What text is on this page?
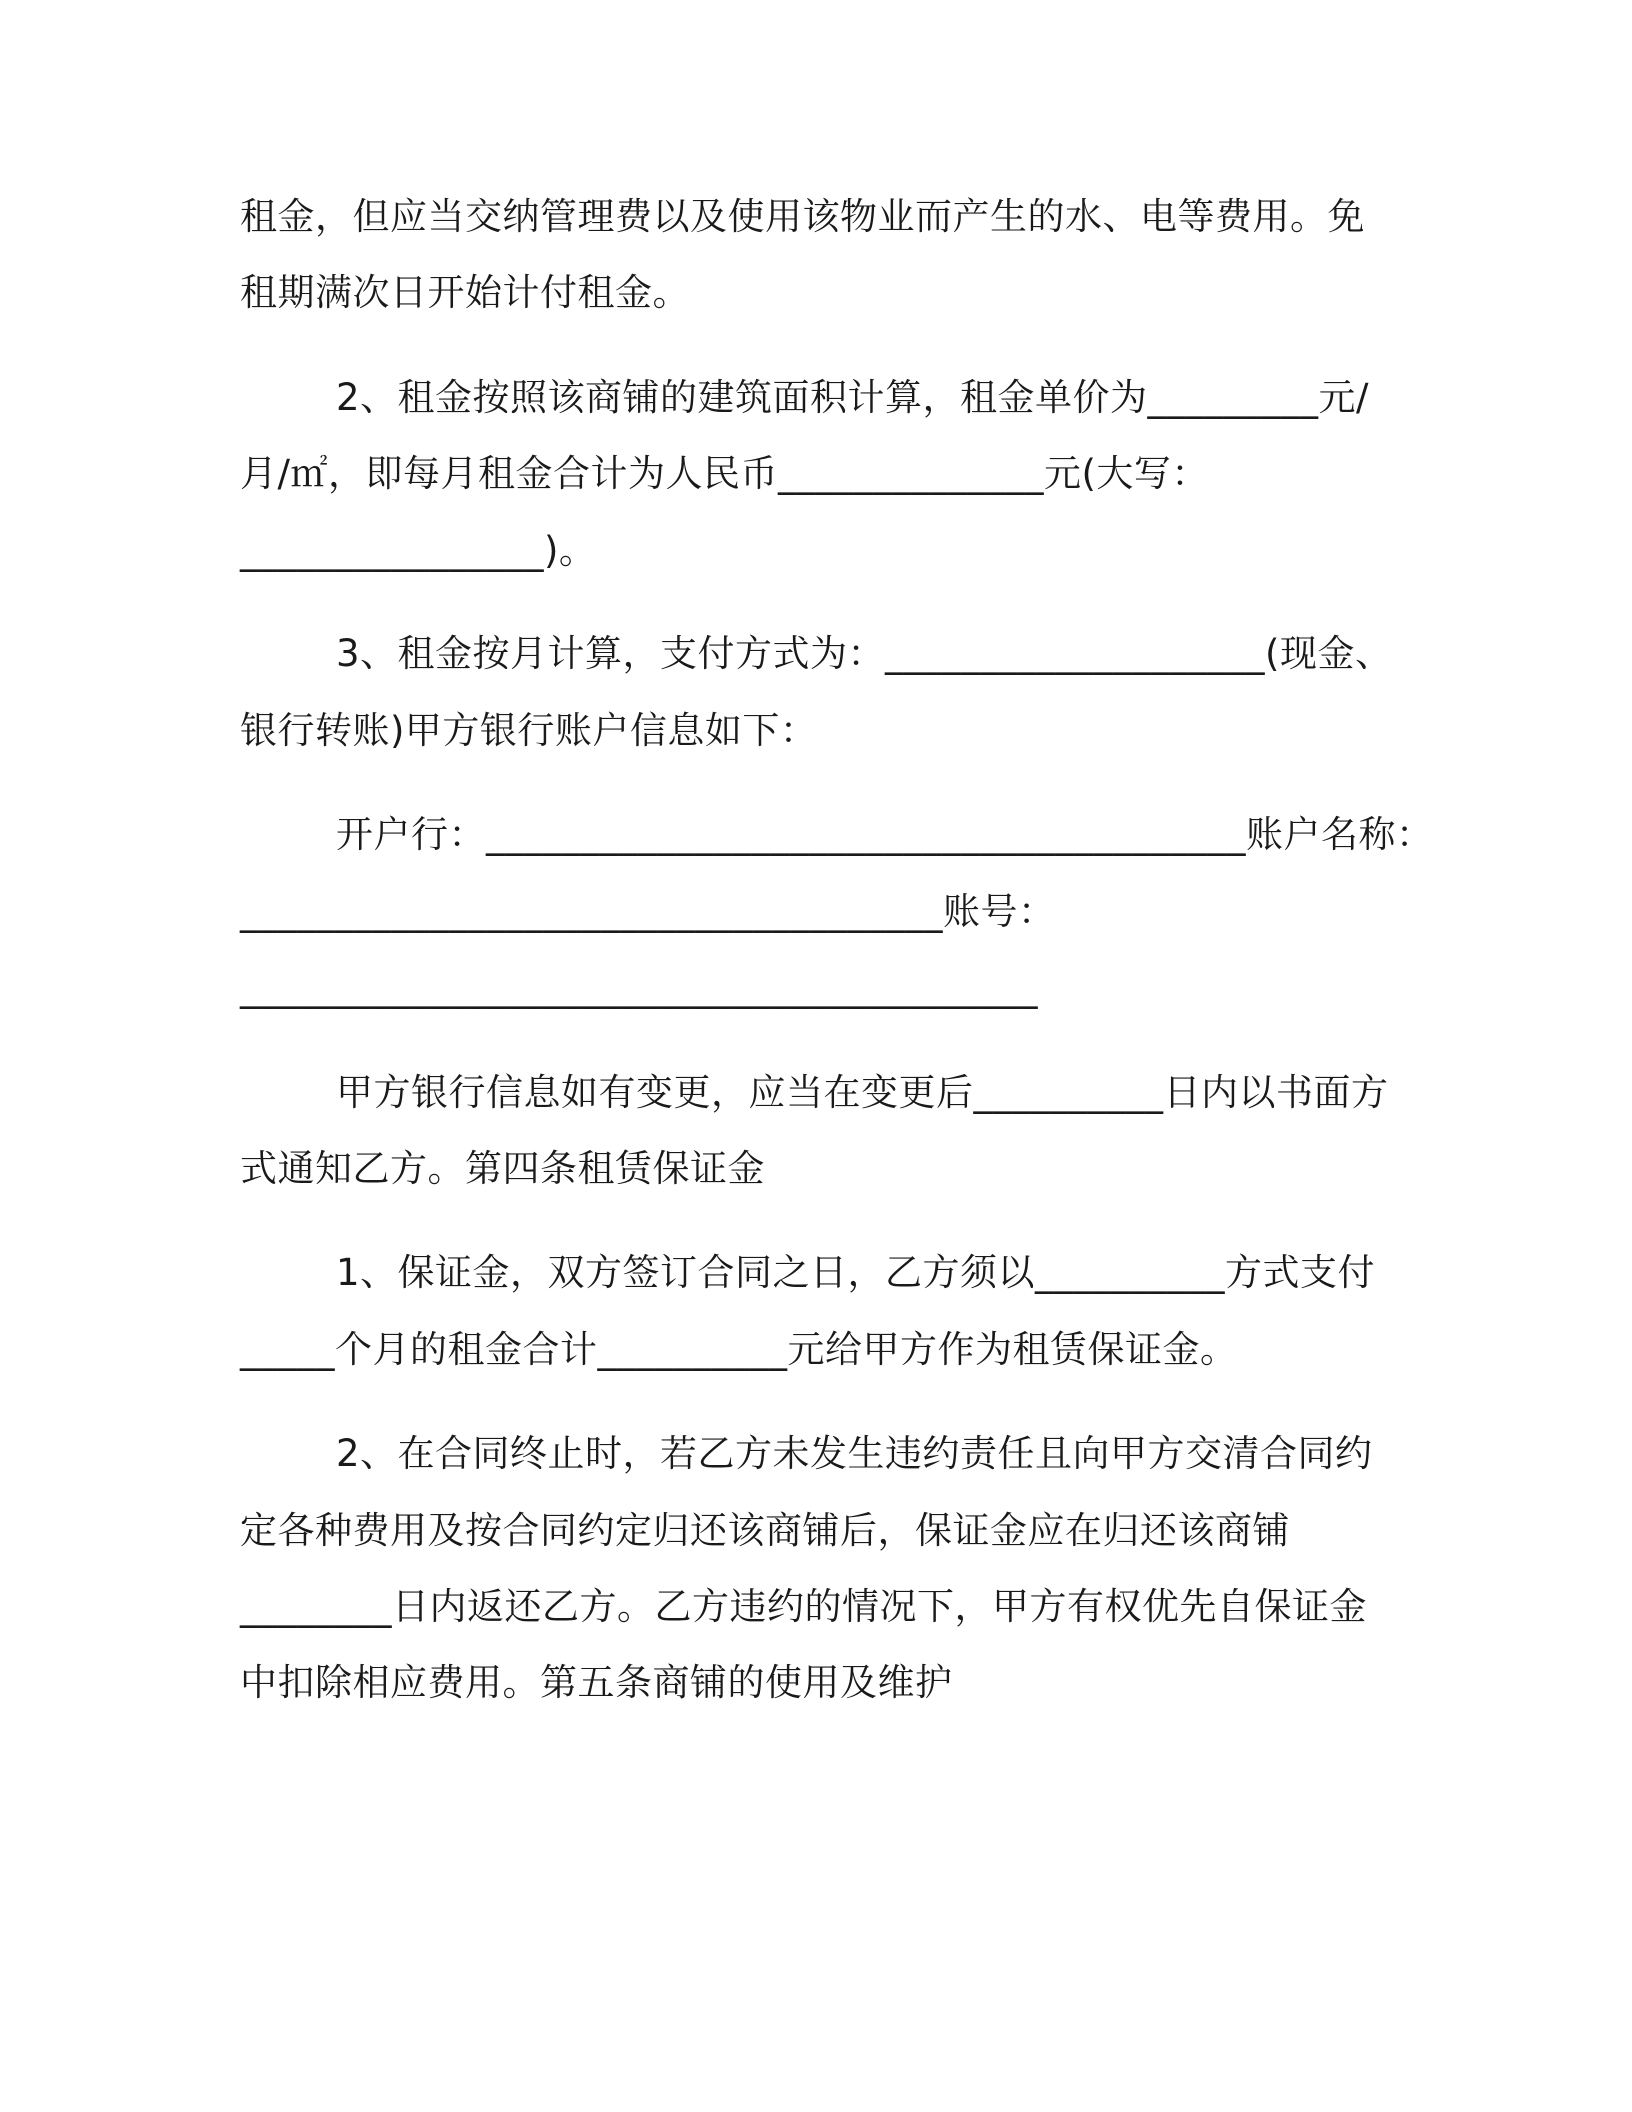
租金，但应当交纳管理费以及使用该物业而产生的水、电等费用。免
租期满次日开始计付租金。
2、租金按照该商铺的建筑面积计算，租金单价为_________元/
月/㎡，即每月租金合计为人民币______________元(大写：
________________)。
3、租金按月计算，支付方式为：____________________(现金、
银行转账)甲方银行账户信息如下：
开户行：________________________________________账户名称：
_____________________________________账号：
__________________________________________
甲方银行信息如有变更，应当在变更后__________日内以书面方
式通知乙方。第四条租赁保证金
1、保证金，双方签订合同之日，乙方须以__________方式支付
_____个月的租金合计__________元给甲方作为租赁保证金。
2、在合同终止时，若乙方未发生违约责任且向甲方交清合同约
定各种费用及按合同约定归还该商铺后，保证金应在归还该商铺
________日内返还乙方。乙方违约的情况下，甲方有权优先自保证金
中扣除相应费用。第五条商铺的使用及维护
